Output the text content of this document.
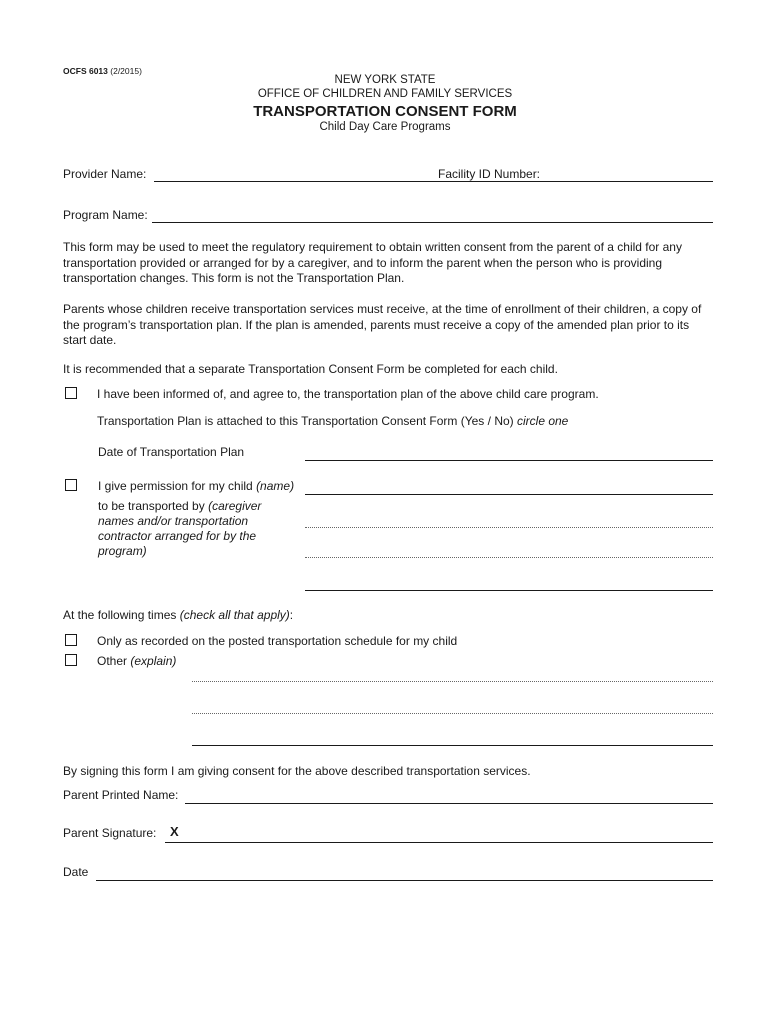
OCFS 6013 (2/2015)
NEW YORK STATE
OFFICE OF CHILDREN AND FAMILY SERVICES
TRANSPORTATION CONSENT FORM
Child Day Care Programs
Provider Name:	Facility ID Number:
Program Name:

This form may be used to meet the regulatory requirement to obtain written consent from the parent of a child for any transportation provided or arranged for by a caregiver, and to inform the parent when the person who is providing transportation changes. This form is not the Transportation Plan.

Parents whose children receive transportation services must receive, at the time of enrollment of their children, a copy of the program’s transportation plan. If the plan is amended, parents must receive a copy of the amended plan prior to its start date.

It is recommended that a separate Transportation Consent Form be completed for each child.

I have been informed of, and agree to, the transportation plan of the above child care program.
Transportation Plan is attached to this Transportation Consent Form (Yes / No) circle one
Date of Transportation Plan
I give permission for my child (name)
to be transported by (caregiver
names and/or transportation
contractor arranged for by the
program)
At the following times (check all that apply):
Only as recorded on the posted transportation schedule for my child
Other (explain)
By signing this form I am giving consent for the above described transportation services.
Parent Printed Name:
Parent Signature: X
Date
